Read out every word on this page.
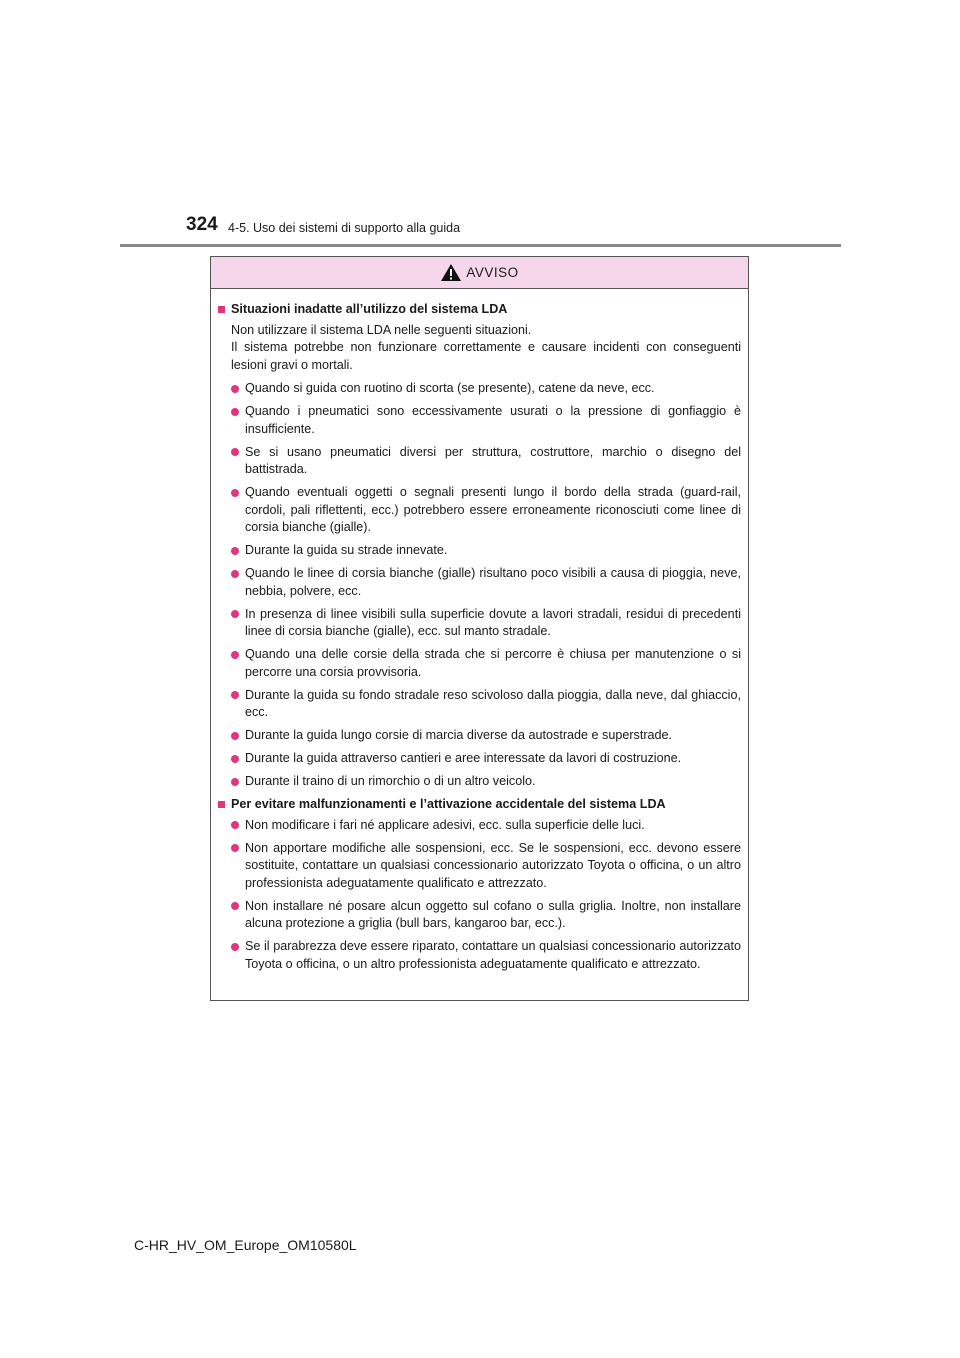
324 4-5. Uso dei sistemi di supporto alla guida
AVVISO
Situazioni inadatte all’utilizzo del sistema LDA

Non utilizzare il sistema LDA nelle seguenti situazioni.

Il sistema potrebbe non funzionare correttamente e causare incidenti con conseguenti lesioni gravi o mortali.

Quando si guida con ruotino di scorta (se presente), catene da neve, ecc.
Quando i pneumatici sono eccessivamente usurati o la pressione di gonfiaggio è insufficiente.
Se si usano pneumatici diversi per struttura, costruttore, marchio o disegno del battistrada.
Quando eventuali oggetti o segnali presenti lungo il bordo della strada (guard-rail, cordoli, pali riflettenti, ecc.) potrebbero essere erroneamente riconosciuti come linee di corsia bianche (gialle).
Durante la guida su strade innevate.
Quando le linee di corsia bianche (gialle) risultano poco visibili a causa di pioggia, neve, nebbia, polvere, ecc.
In presenza di linee visibili sulla superficie dovute a lavori stradali, residui di precedenti linee di corsia bianche (gialle), ecc. sul manto stradale.
Quando una delle corsie della strada che si percorre è chiusa per manutenzione o si percorre una corsia provvisoria.
Durante la guida su fondo stradale reso scivoloso dalla pioggia, dalla neve, dal ghiaccio, ecc.
Durante la guida lungo corsie di marcia diverse da autostrade e superstrade.
Durante la guida attraverso cantieri e aree interessate da lavori di costruzione.
Durante il traino di un rimorchio o di un altro veicolo.
Per evitare malfunzionamenti e l’attivazione accidentale del sistema LDA
Non modificare i fari né applicare adesivi, ecc. sulla superficie delle luci.
Non apportare modifiche alle sospensioni, ecc. Se le sospensioni, ecc. devono essere sostituite, contattare un qualsiasi concessionario autorizzato Toyota o officina, o un altro professionista adeguatamente qualificato e attrezzato.
Non installare né posare alcun oggetto sul cofano o sulla griglia. Inoltre, non installare alcuna protezione a griglia (bull bars, kangaroo bar, ecc.).
Se il parabrezza deve essere riparato, contattare un qualsiasi concessionario autorizzato Toyota o officina, o un altro professionista adeguatamente qualificato e attrezzato.
C-HR_HV_OM_Europe_OM10580L
